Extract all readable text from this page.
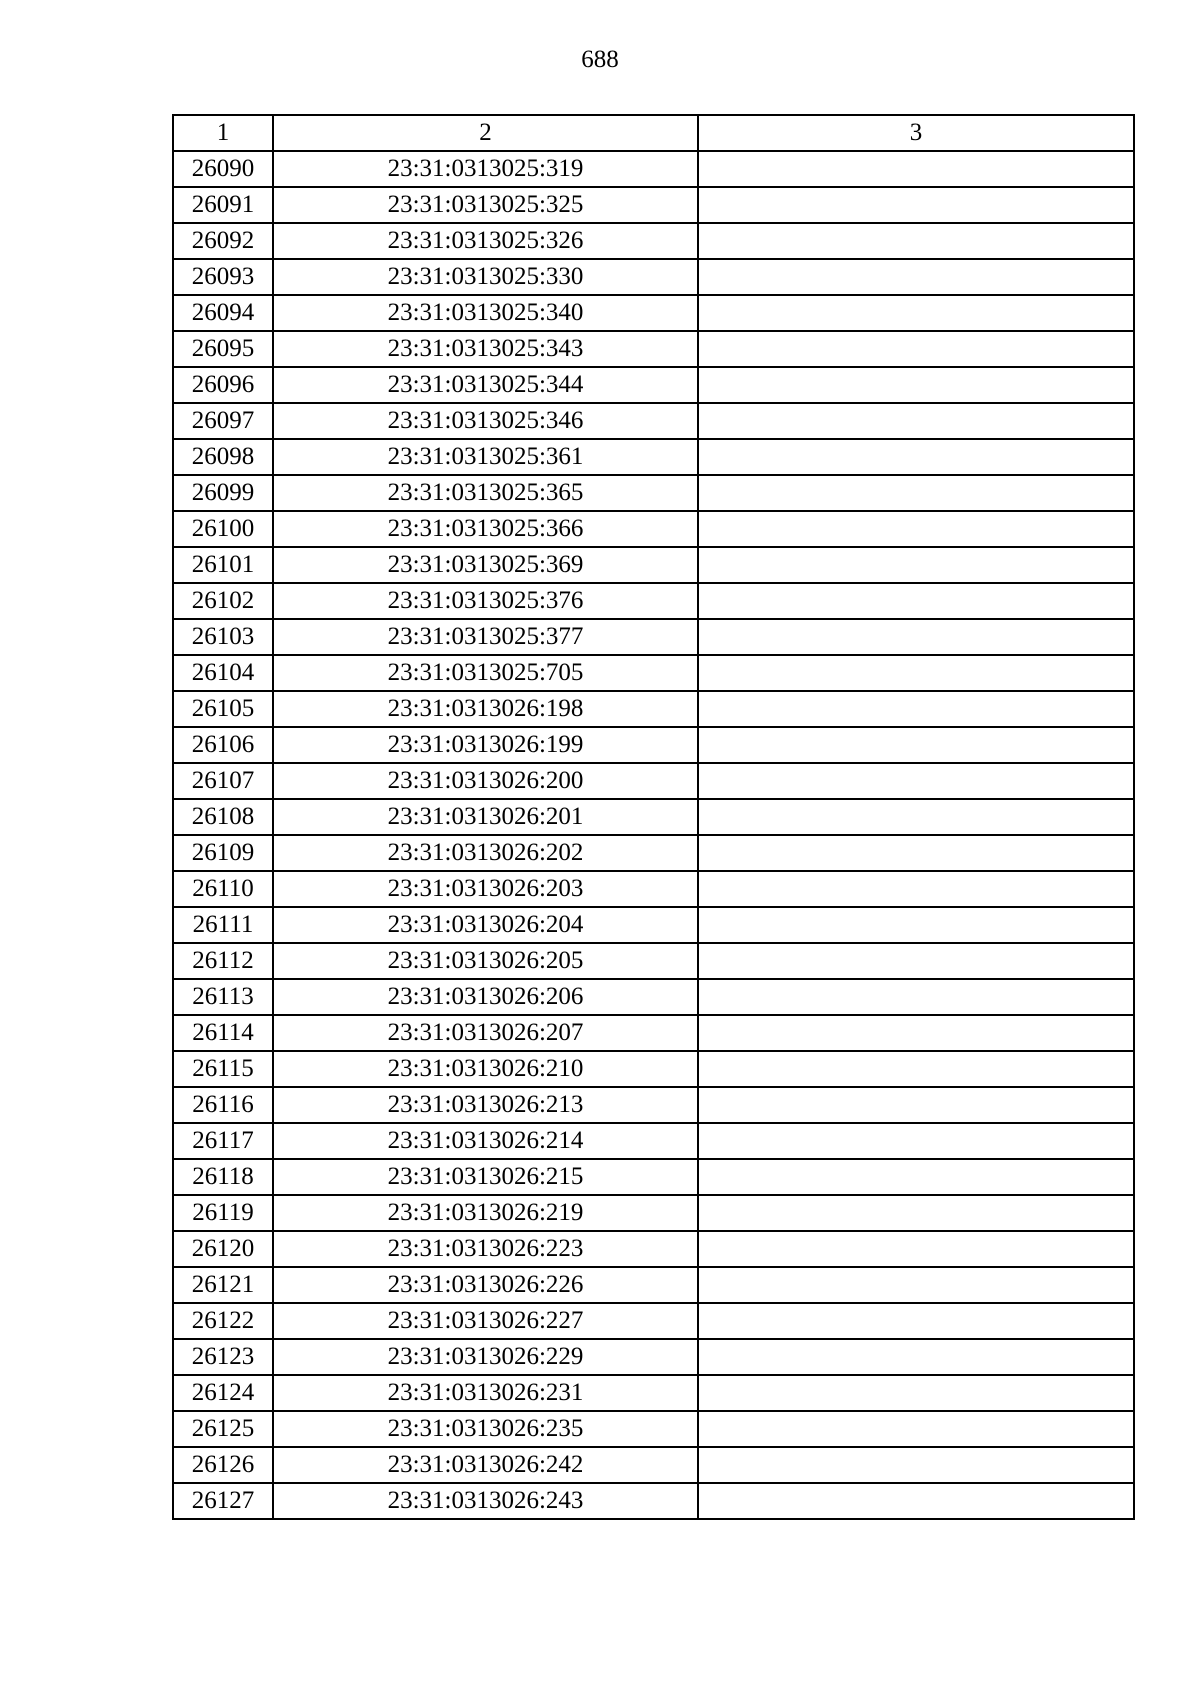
688
1	2	3
26090	23:31:0313025:319	
26091	23:31:0313025:325	
26092	23:31:0313025:326	
26093	23:31:0313025:330	
26094	23:31:0313025:340	
26095	23:31:0313025:343	
26096	23:31:0313025:344	
26097	23:31:0313025:346	
26098	23:31:0313025:361	
26099	23:31:0313025:365	
26100	23:31:0313025:366	
26101	23:31:0313025:369	
26102	23:31:0313025:376	
26103	23:31:0313025:377	
26104	23:31:0313025:705	
26105	23:31:0313026:198	
26106	23:31:0313026:199	
26107	23:31:0313026:200	
26108	23:31:0313026:201	
26109	23:31:0313026:202	
26110	23:31:0313026:203	
26111	23:31:0313026:204	
26112	23:31:0313026:205	
26113	23:31:0313026:206	
26114	23:31:0313026:207	
26115	23:31:0313026:210	
26116	23:31:0313026:213	
26117	23:31:0313026:214	
26118	23:31:0313026:215	
26119	23:31:0313026:219	
26120	23:31:0313026:223	
26121	23:31:0313026:226	
26122	23:31:0313026:227	
26123	23:31:0313026:229	
26124	23:31:0313026:231	
26125	23:31:0313026:235	
26126	23:31:0313026:242	
26127	23:31:0313026:243	
